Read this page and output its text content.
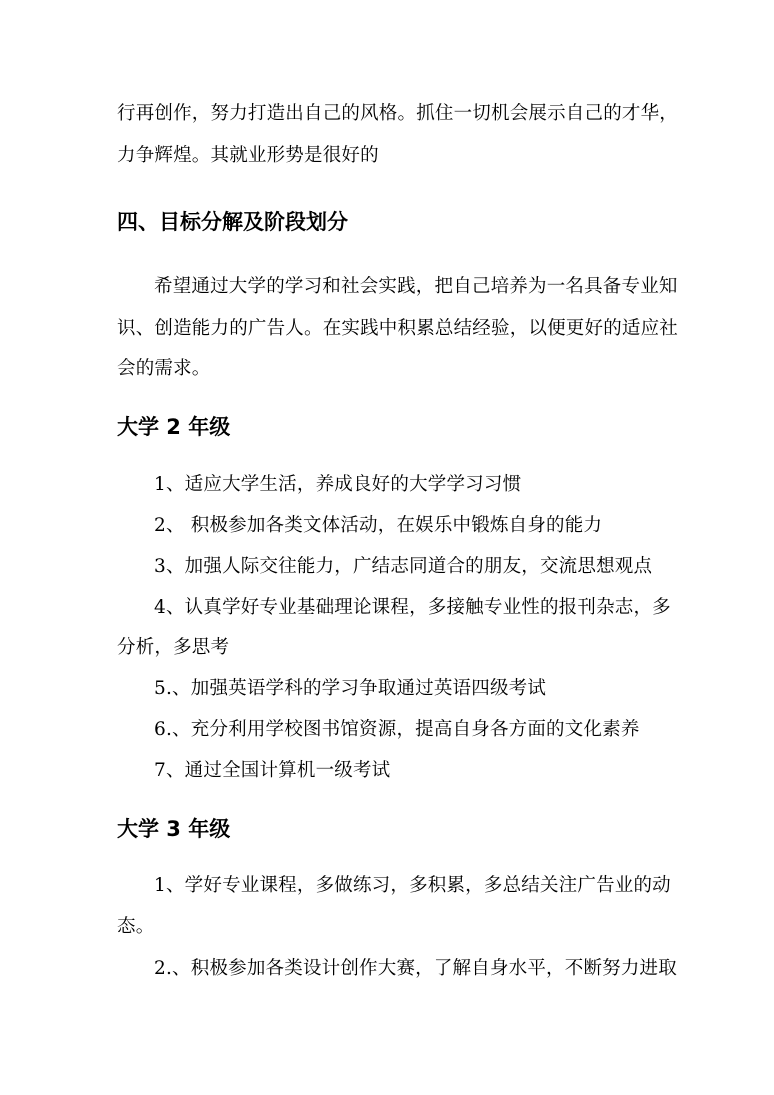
行再创作，努力打造出自己的风格。抓住一切机会展示自己的才华，
力争辉煌。其就业形势是很好的
四、目标分解及阶段划分
希望通过大学的学习和社会实践，把自己培养为一名具备专业知
识、创造能力的广告人。在实践中积累总结经验，以便更好的适应社
会的需求。
大学 2 年级
1、适应大学生活，养成良好的大学学习习惯
2、 积极参加各类文体活动，在娱乐中锻炼自身的能力
3、加强人际交往能力，广结志同道合的朋友，交流思想观点
4、认真学好专业基础理论课程，多接触专业性的报刊杂志，多
分析，多思考
5.、加强英语学科的学习争取通过英语四级考试
6.、充分利用学校图书馆资源，提高自身各方面的文化素养
7、通过全国计算机一级考试
大学 3 年级
1、学好专业课程，多做练习，多积累，多总结关注广告业的动
态。
2.、积极参加各类设计创作大赛，了解自身水平，不断努力进取
